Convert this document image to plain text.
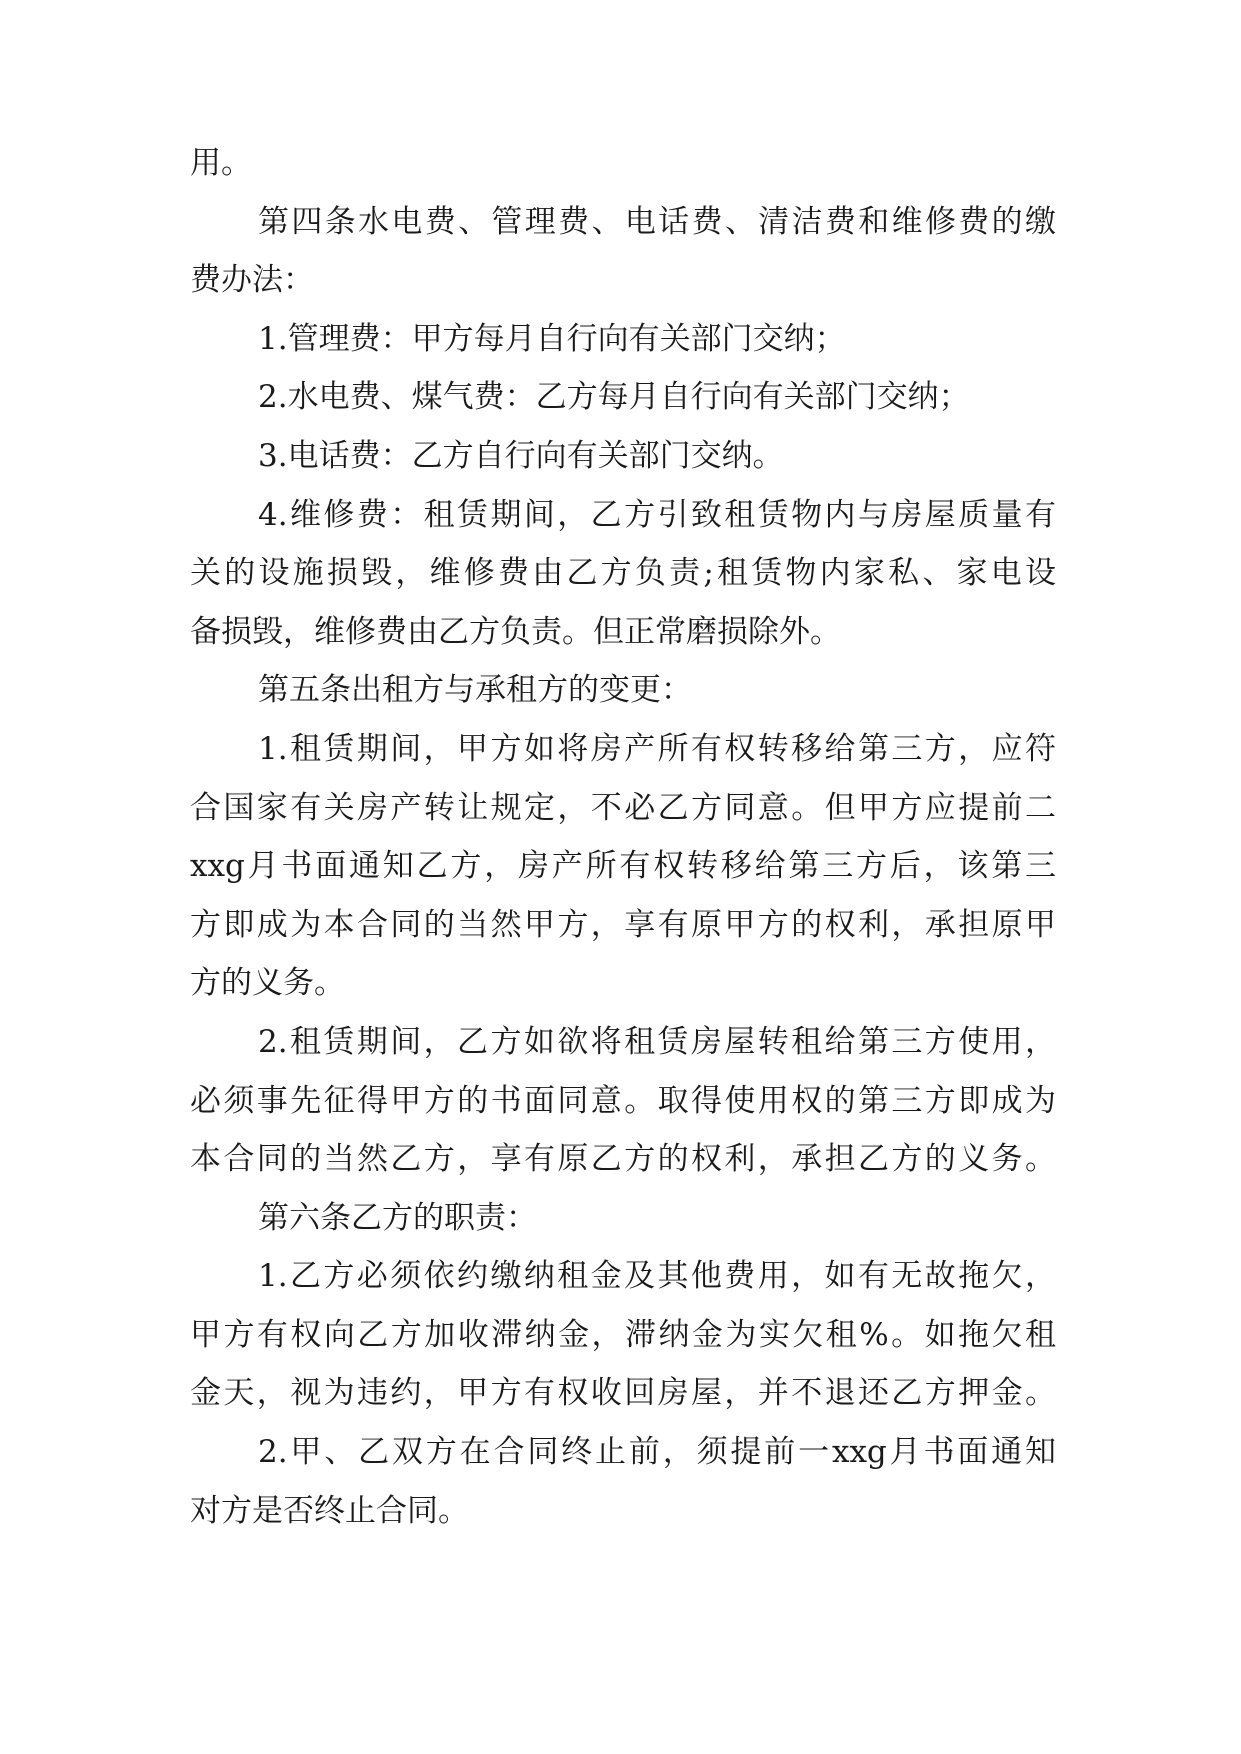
用。
第四条水电费、管理费、电话费、清洁费和维修费的缴
费办法：
1.管理费：甲方每月自行向有关部门交纳；
2.水电费、煤气费：乙方每月自行向有关部门交纳；
3.电话费：乙方自行向有关部门交纳。
4.维修费：租赁期间，乙方引致租赁物内与房屋质量有
关的设施损毁，维修费由乙方负责;租赁物内家私、家电设
备损毁，维修费由乙方负责。但正常磨损除外。
第五条出租方与承租方的变更：
1.租赁期间，甲方如将房产所有权转移给第三方，应符
合国家有关房产转让规定，不必乙方同意。但甲方应提前二
xxg月书面通知乙方，房产所有权转移给第三方后，该第三
方即成为本合同的当然甲方，享有原甲方的权利，承担原甲
方的义务。
2.租赁期间，乙方如欲将租赁房屋转租给第三方使用，
必须事先征得甲方的书面同意。取得使用权的第三方即成为
本合同的当然乙方，享有原乙方的权利，承担乙方的义务。
第六条乙方的职责：
1.乙方必须依约缴纳租金及其他费用，如有无故拖欠，
甲方有权向乙方加收滞纳金，滞纳金为实欠租%。如拖欠租
金天，视为违约，甲方有权收回房屋，并不退还乙方押金。
2.甲、乙双方在合同终止前，须提前一xxg月书面通知
对方是否终止合同。
